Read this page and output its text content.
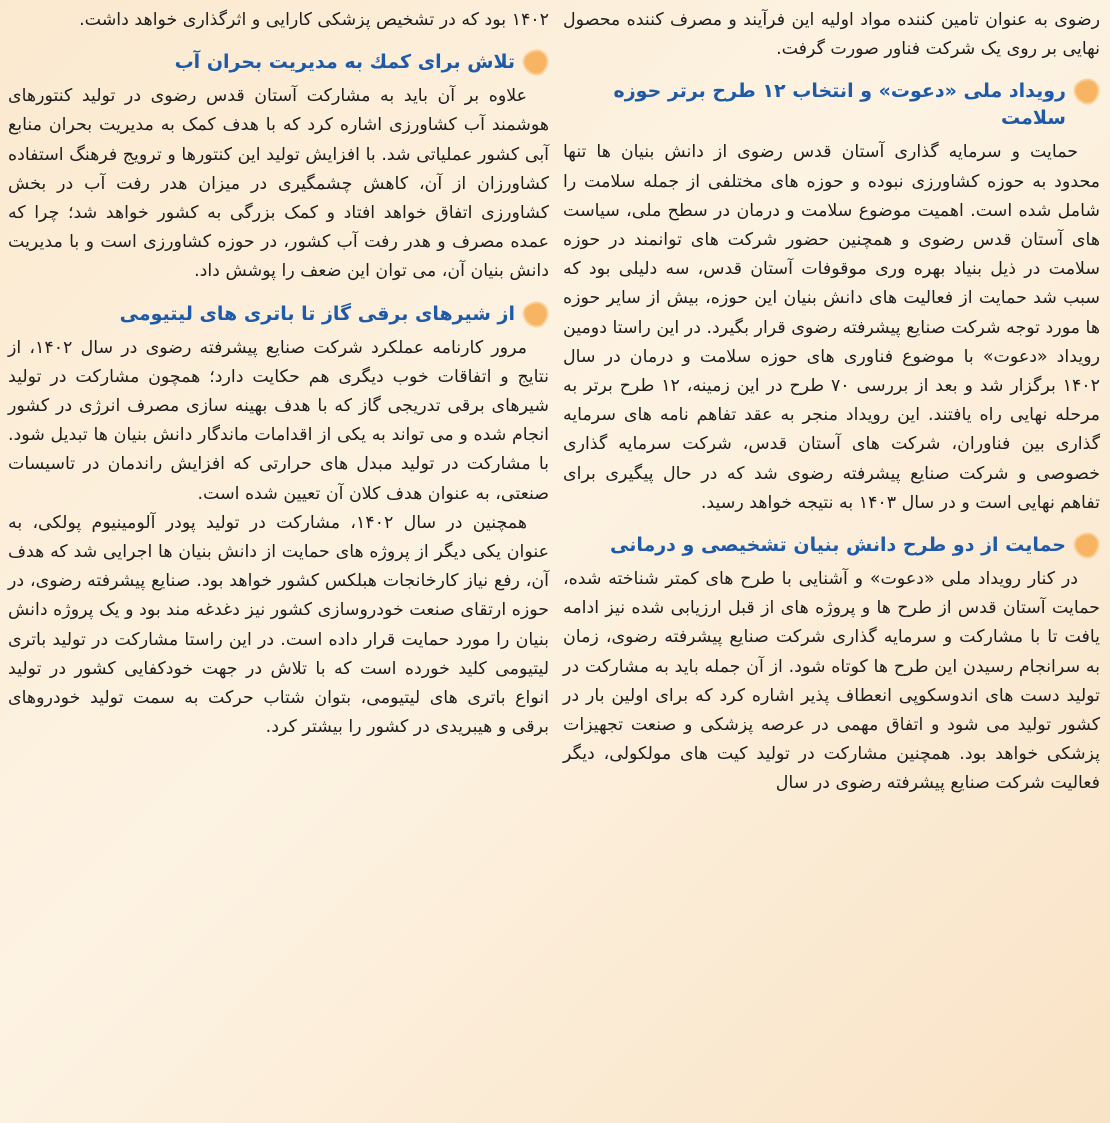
رضوی به عنوان تامین کننده مواد اولیه این فرآیند و مصرف کننده محصول نهایی بر روی یک شرکت فناور صورت گرفت.

رویداد ملی «دعوت» و انتخاب ۱۲ طرح برتر حوزه سلامت

حمایت و سرمایه گذاری آستان قدس رضوی از دانش بنیان ها تنها محدود به حوزه کشاورزی نبوده و حوزه های مختلفی از جمله سلامت را شامل شده است. اهمیت موضوع سلامت و درمان در سطح ملی، سیاست های آستان قدس رضوی و همچنین حضور شرکت های توانمند در حوزه سلامت در ذیل بنیاد بهره وری موقوفات آستان قدس، سه دلیلی بود که سبب شد حمایت از فعالیت های دانش بنیان این حوزه، بیش از سایر حوزه ها مورد توجه شرکت صنایع پیشرفته رضوی قرار بگیرد. در این راستا دومین رویداد «دعوت» با موضوع فناوری های حوزه سلامت و درمان در سال ۱۴۰۲ برگزار شد و بعد از بررسی ۷۰ طرح در این زمینه، ۱۲ طرح برتر به مرحله نهایی راه یافتند. این رویداد منجر به عقد تفاهم نامه های سرمایه گذاری بین فناوران، شرکت های آستان قدس، شرکت سرمایه گذاری خصوصی و شرکت صنایع پیشرفته رضوی شد که در حال پیگیری برای تفاهم نهایی است و در سال ۱۴۰۳ به نتیجه خواهد رسید.

حمایت از دو طرح دانش بنیان تشخیصی و درمانی

در کنار رویداد ملی «دعوت» و آشنایی با طرح های کمتر شناخته شده، حمایت آستان قدس از طرح ها و پروژه های از قبل ارزیابی شده نیز ادامه یافت تا با مشارکت و سرمایه گذاری شرکت صنایع پیشرفته رضوی، زمان به سرانجام رسیدن این طرح ها کوتاه شود. از آن جمله باید به مشارکت در تولید دست های اندوسکوپی انعطاف پذیر اشاره کرد که برای اولین بار در کشور تولید می شود و اتفاق مهمی در عرصه پزشکی و صنعت تجهیزات پزشکی خواهد بود. همچنین مشارکت در تولید کیت های مولکولی، دیگر فعالیت شرکت صنایع پیشرفته رضوی در سال

۱۴۰۲ بود که در تشخیص پزشکی کارایی و اثرگذاری خواهد داشت.

تلاش برای کمك به مدیریت بحران آب

علاوه بر آن باید به مشارکت آستان قدس رضوی در تولید کنتورهای هوشمند آب کشاورزی اشاره کرد که با هدف کمک به مدیریت بحران منابع آبی کشور عملیاتی شد. با افزایش تولید این کنتورها و ترویج فرهنگ استفاده کشاورزان از آن، کاهش چشمگیری در میزان هدر رفت آب در بخش کشاورزی اتفاق خواهد افتاد و کمک بزرگی به کشور خواهد شد؛ چرا که عمده مصرف و هدر رفت آب کشور، در حوزه کشاورزی است و با مدیریت دانش بنیان آن، می توان این ضعف را پوشش داد.

از شیرهای برقی گاز تا باتری های لیتیومی

مرور کارنامه عملکرد شرکت صنایع پیشرفته رضوی در سال ۱۴۰۲، از نتایج و اتفاقات خوب دیگری هم حکایت دارد؛ همچون مشارکت در تولید شیرهای برقی تدریجی گاز که با هدف بهینه سازی مصرف انرژی در کشور انجام شده و می تواند به یکی از اقدامات ماندگار دانش بنیان ها تبدیل شود. با مشارکت در تولید مبدل های حرارتی که افزایش راندمان در تاسیسات صنعتی، به عنوان هدف کلان آن تعیین شده است.

همچنین در سال ۱۴۰۲، مشارکت در تولید پودر آلومینیوم پولکی، به عنوان یکی دیگر از پروژه های حمایت از دانش بنیان ها اجرایی شد که هدف آن، رفع نیاز کارخانجات هبلکس کشور خواهد بود. صنایع پیشرفته رضوی، در حوزه ارتقای صنعت خودروسازی کشور نیز دغدغه مند بود و یک پروژه دانش بنیان را مورد حمایت قرار داده است. در این راستا مشارکت در تولید باتری لیتیومی کلید خورده است که با تلاش در جهت خودکفایی کشور در تولید انواع باتری های لیتیومی، بتوان شتاب حرکت به سمت تولید خودروهای برقی و هیبریدی در کشور را بیشتر کرد.
